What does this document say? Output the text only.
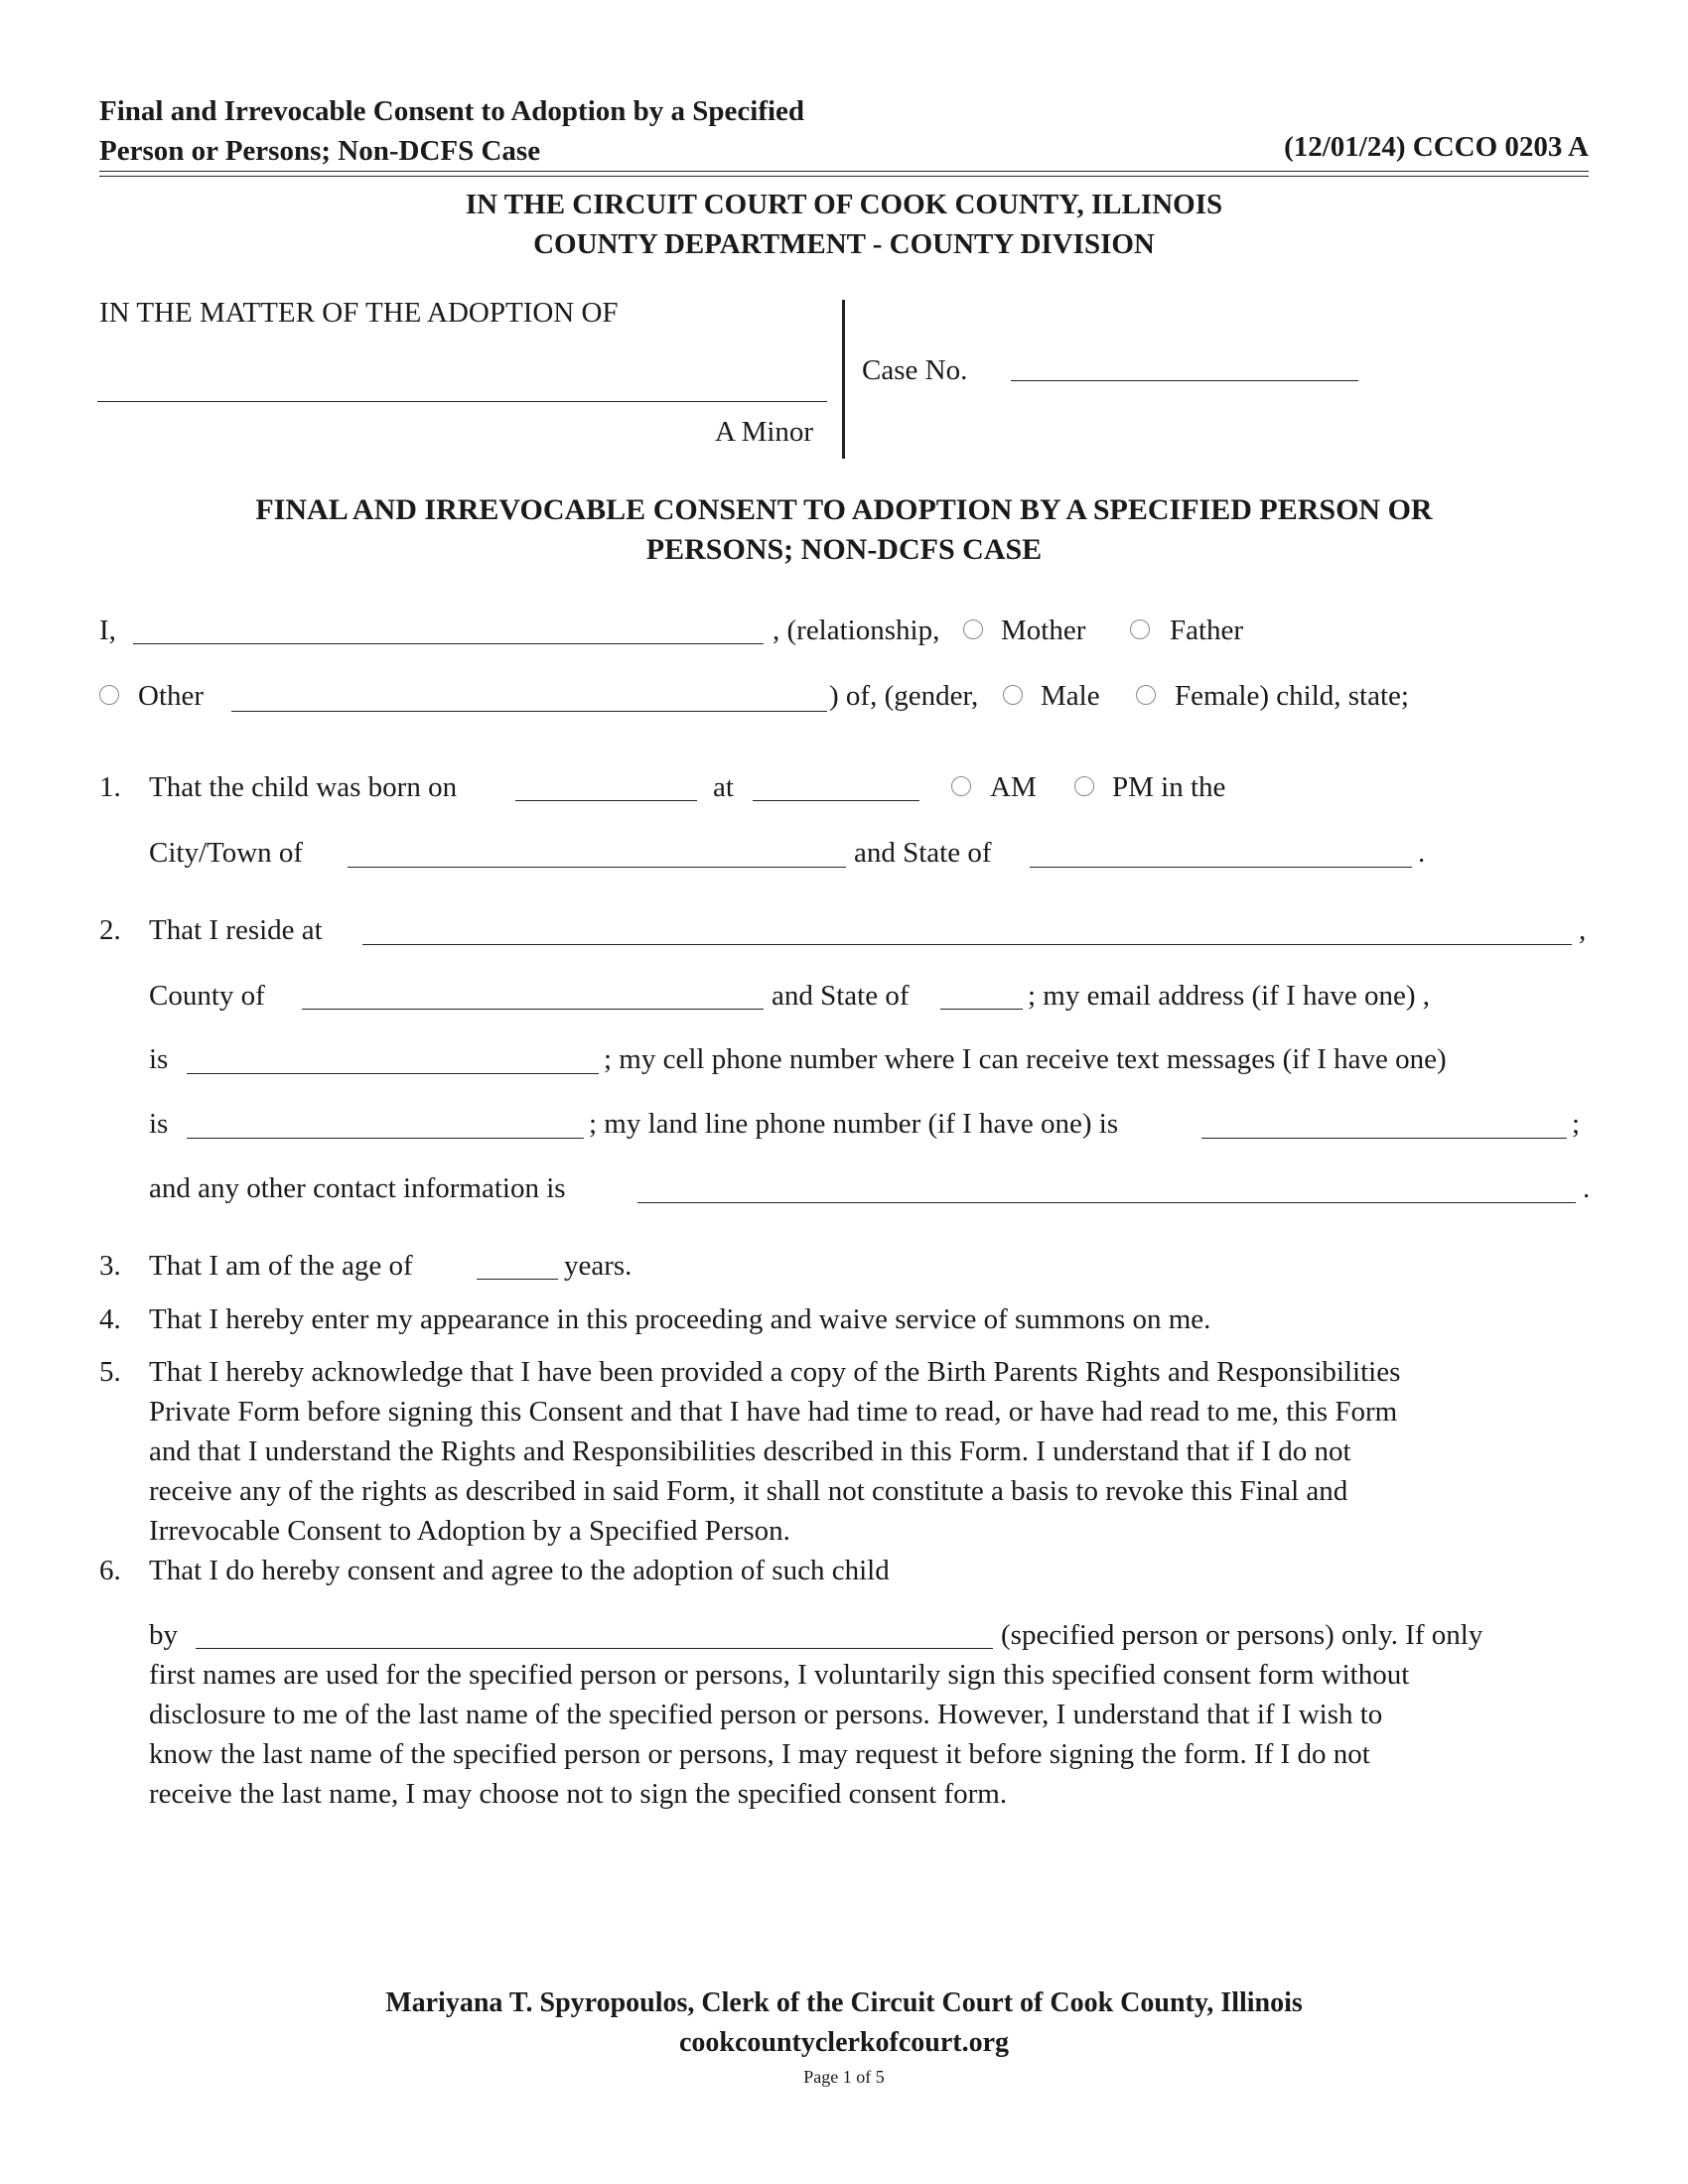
Final and Irrevocable Consent to Adoption by a Specified
Person or Persons; Non-DCFS Case	(12/01/24) CCCO 0203 A
IN THE CIRCUIT COURT OF COOK COUNTY, ILLINOIS
COUNTY DEPARTMENT - COUNTY DIVISION
IN THE MATTER OF THE ADOPTION OF
A Minor
Case No.
FINAL AND IRREVOCABLE CONSENT TO ADOPTION BY A SPECIFIED PERSON OR
PERSONS; NON-DCFS CASE
I,	, (relationship, Mother	Father
Other	) of, (gender, Male	Female) child, state;
1. That the child was born on	at	AM	PM in the
City/Town of	and State of	.
2. That I reside at	,
County of	and State of	; my email address (if I have one) ,
is	; my cell phone number where I can receive text messages (if I have one)
is	; my land line phone number (if I have one) is	;
and any other contact information is	.
3. That I am of the age of	years.
4. That I hereby enter my appearance in this proceeding and waive service of summons on me.
5. That I hereby acknowledge that I have been provided a copy of the Birth Parents Rights and Responsibilities
Private Form before signing this Consent and that I have had time to read, or have had read to me, this Form
and that I understand the Rights and Responsibilities described in this Form. I understand that if I do not
receive any of the rights as described in said Form, it shall not constitute a basis to revoke this Final and
Irrevocable Consent to Adoption by a Specified Person.
6. That I do hereby consent and agree to the adoption of such child
by	(specified person or persons) only. If only
first names are used for the specified person or persons, I voluntarily sign this specified consent form without
disclosure to me of the last name of the specified person or persons. However, I understand that if I wish to
know the last name of the specified person or persons, I may request it before signing the form. If I do not
receive the last name, I may choose not to sign the specified consent form.
Mariyana T. Spyropoulos, Clerk of the Circuit Court of Cook County, Illinois
cookcountyclerkofcourt.org
Page 1 of 5
